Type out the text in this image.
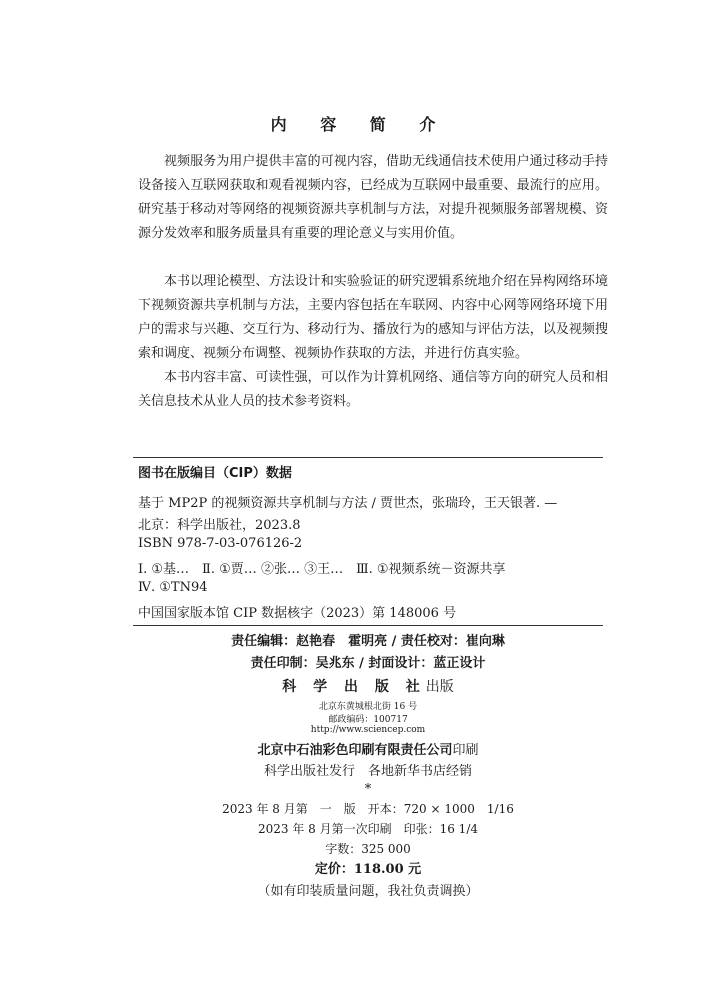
内 容 简 介

视频服务为用户提供丰富的可视内容，借助无线通信技术使用户通过移动手持设备接入互联网获取和观看视频内容，已经成为互联网中最重要、最流行的应用。研究基于移动对等网络的视频资源共享机制与方法，对提升视频服务部署规模、资源分发效率和服务质量具有重要的理论意义与实用价值。

本书以理论模型、方法设计和实验验证的研究逻辑系统地介绍在异构网络环境下视频资源共享机制与方法，主要内容包括在车联网、内容中心网等网络环境下用户的需求与兴趣、交互行为、移动行为、播放行为的感知与评估方法，以及视频搜索和调度、视频分布调整、视频协作获取的方法，并进行仿真实验。

本书内容丰富、可读性强，可以作为计算机网络、通信等方向的研究人员和相关信息技术从业人员的技术参考资料。

图书在版编目（CIP）数据
基于 MP2P 的视频资源共享机制与方法 / 贾世杰，张瑞玲，王天银著. —
北京：科学出版社，2023.8
ISBN 978-7-03-076126-2
Ⅰ. ①基…　Ⅱ. ①贾… ②张… ③王…　Ⅲ. ①视频系统－资源共享
Ⅳ. ①TN94
中国国家版本馆 CIP 数据核字（2023）第 148006 号
责任编辑：赵艳春　霍明亮 / 责任校对：崔向琳
责任印制：吴兆东 / 封面设计：蓝正设计
科 学 出 版 社出版
北京东黄城根北街 16 号
邮政编码：100717
http://www.sciencep.com
北京中石油彩色印刷有限责任公司印刷
科学出版社发行　各地新华书店经销
*
2023 年 8 月第　一　版　开本：720 × 1000　1/16
2023 年 8 月第一次印刷　印张：16 1/4
字数：325 000
定价：118.00 元
（如有印装质量问题，我社负责调换）
